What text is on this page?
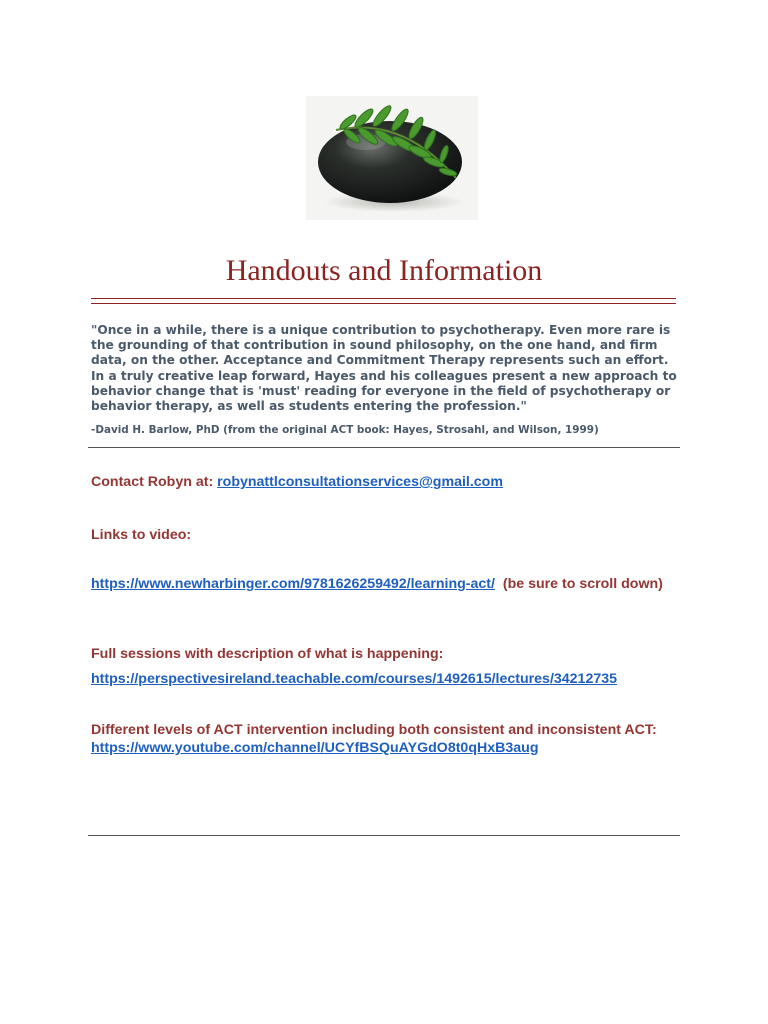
Handouts and Information

"Once in a while, there is a unique contribution to psychotherapy. Even more rare is the grounding of that contribution in sound philosophy, on the one hand, and firm data, on the other. Acceptance and Commitment Therapy represents such an effort. In a truly creative leap forward, Hayes and his colleagues present a new approach to behavior change that is 'must' reading for everyone in the field of psychotherapy or behavior therapy, as well as students entering the profession."

-David H. Barlow, PhD (from the original ACT book: Hayes, Strosahl, and Wilson, 1999)

Contact Robyn at: robynattlconsultationservices@gmail.com

Links to video:

https://www.newharbinger.com/9781626259492/learning-act/ (be sure to scroll down)

Full sessions with description of what is happening:

https://perspectivesireland.teachable.com/courses/1492615/lectures/34212735

Different levels of ACT intervention including both consistent and inconsistent ACT: https://www.youtube.com/channel/UCYfBSQuAYGdO8t0qHxB3aug
